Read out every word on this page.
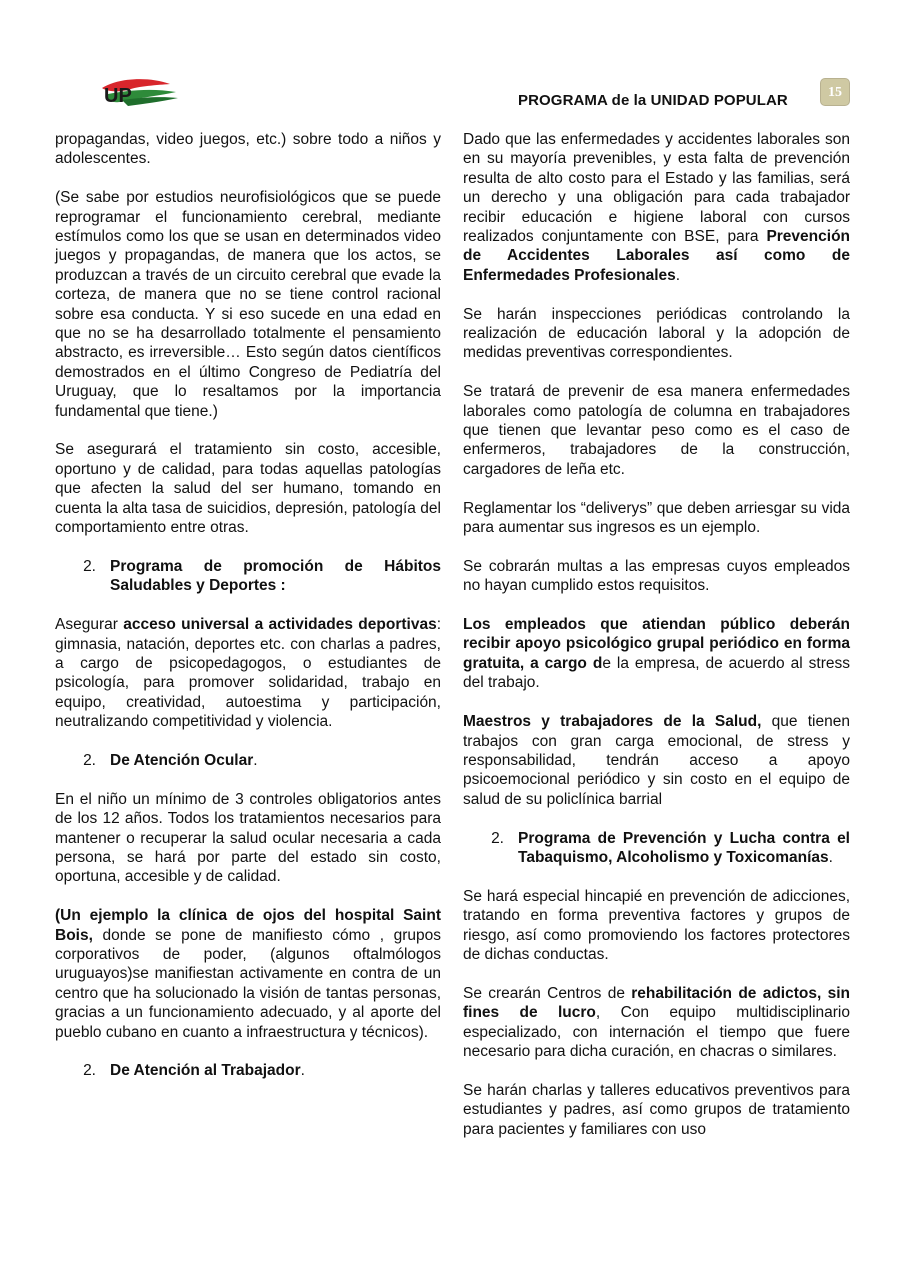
UP	PROGRAMA de la UNIDAD POPULAR	15

propagandas, video juegos, etc.) sobre todo a niños y adolescentes.

(Se sabe por estudios neurofisiológicos que se puede reprogramar el funcionamiento cerebral, mediante estímulos como los que se usan en determinados video juegos y propagandas, de manera que los actos, se produzcan a través de un circuito cerebral que evade la corteza, de manera que no se tiene control racional sobre esa conducta. Y si eso sucede en una edad en que no se ha desarrollado totalmente el pensamiento abstracto, es irreversible… Esto según datos científicos demostrados en el último Congreso de Pediatría del Uruguay, que lo resaltamos por la importancia fundamental que tiene.)

Se asegurará el tratamiento sin costo, accesible, oportuno y de calidad, para todas aquellas patologías que afecten la salud del ser humano, tomando en cuenta la alta tasa de suicidios, depresión, patología del comportamiento entre otras.

2. Programa de promoción de Hábitos Saludables y Deportes :

Asegurar acceso universal a actividades deportivas: gimnasia, natación, deportes etc. con charlas a padres, a cargo de psicopedagogos, o estudiantes de psicología, para promover solidaridad, trabajo en equipo, creatividad, autoestima y participación, neutralizando competitividad y violencia.

2. De Atención Ocular.

En el niño un mínimo de 3 controles obligatorios antes de los 12 años. Todos los tratamientos necesarios para mantener o recuperar la salud ocular necesaria a cada persona, se hará por parte del estado sin costo, oportuna, accesible y de calidad.

(Un ejemplo la clínica de ojos del hospital Saint Bois, donde se pone de manifiesto cómo , grupos corporativos de poder, (algunos oftalmólogos uruguayos)se manifiestan activamente en contra de un centro que ha solucionado la visión de tantas personas, gracias a un funcionamiento adecuado, y al aporte del pueblo cubano en cuanto a infraestructura y técnicos).

2. De Atención al Trabajador.

Dado que las enfermedades y accidentes laborales son en su mayoría prevenibles, y esta falta de prevención resulta de alto costo para el Estado y las familias, será un derecho y una obligación para cada trabajador recibir educación e higiene laboral con cursos realizados conjuntamente con BSE, para Prevención de Accidentes Laborales así como de Enfermedades Profesionales.

Se harán inspecciones periódicas controlando la realización de educación laboral y la adopción de medidas preventivas correspondientes.

Se tratará de prevenir de esa manera enfermedades laborales como patología de columna en trabajadores que tienen que levantar peso como es el caso de enfermeros, trabajadores de la construcción, cargadores de leña etc.

Reglamentar los “deliverys” que deben arriesgar su vida para aumentar sus ingresos es un ejemplo.

Se cobrarán multas a las empresas cuyos empleados no hayan cumplido estos requisitos.

Los empleados que atiendan público deberán recibir apoyo psicológico grupal periódico en forma gratuita, a cargo de la empresa, de acuerdo al stress del trabajo.

Maestros y trabajadores de la Salud, que tienen trabajos con gran carga emocional, de stress y responsabilidad, tendrán acceso a apoyo psicoemocional periódico y sin costo en el equipo de salud de su policlínica barrial

2. Programa de Prevención y Lucha contra el Tabaquismo, Alcoholismo y Toxicomanías.

Se hará especial hincapié en prevención de adicciones, tratando en forma preventiva factores y grupos de riesgo, así como promoviendo los factores protectores de dichas conductas.

Se crearán Centros de rehabilitación de adictos, sin fines de lucro, Con equipo multidisciplinario especializado, con internación el tiempo que fuere necesario para dicha curación, en chacras o similares.

Se harán charlas y talleres educativos preventivos para estudiantes y padres, así como grupos de tratamiento para pacientes y familiares con uso
